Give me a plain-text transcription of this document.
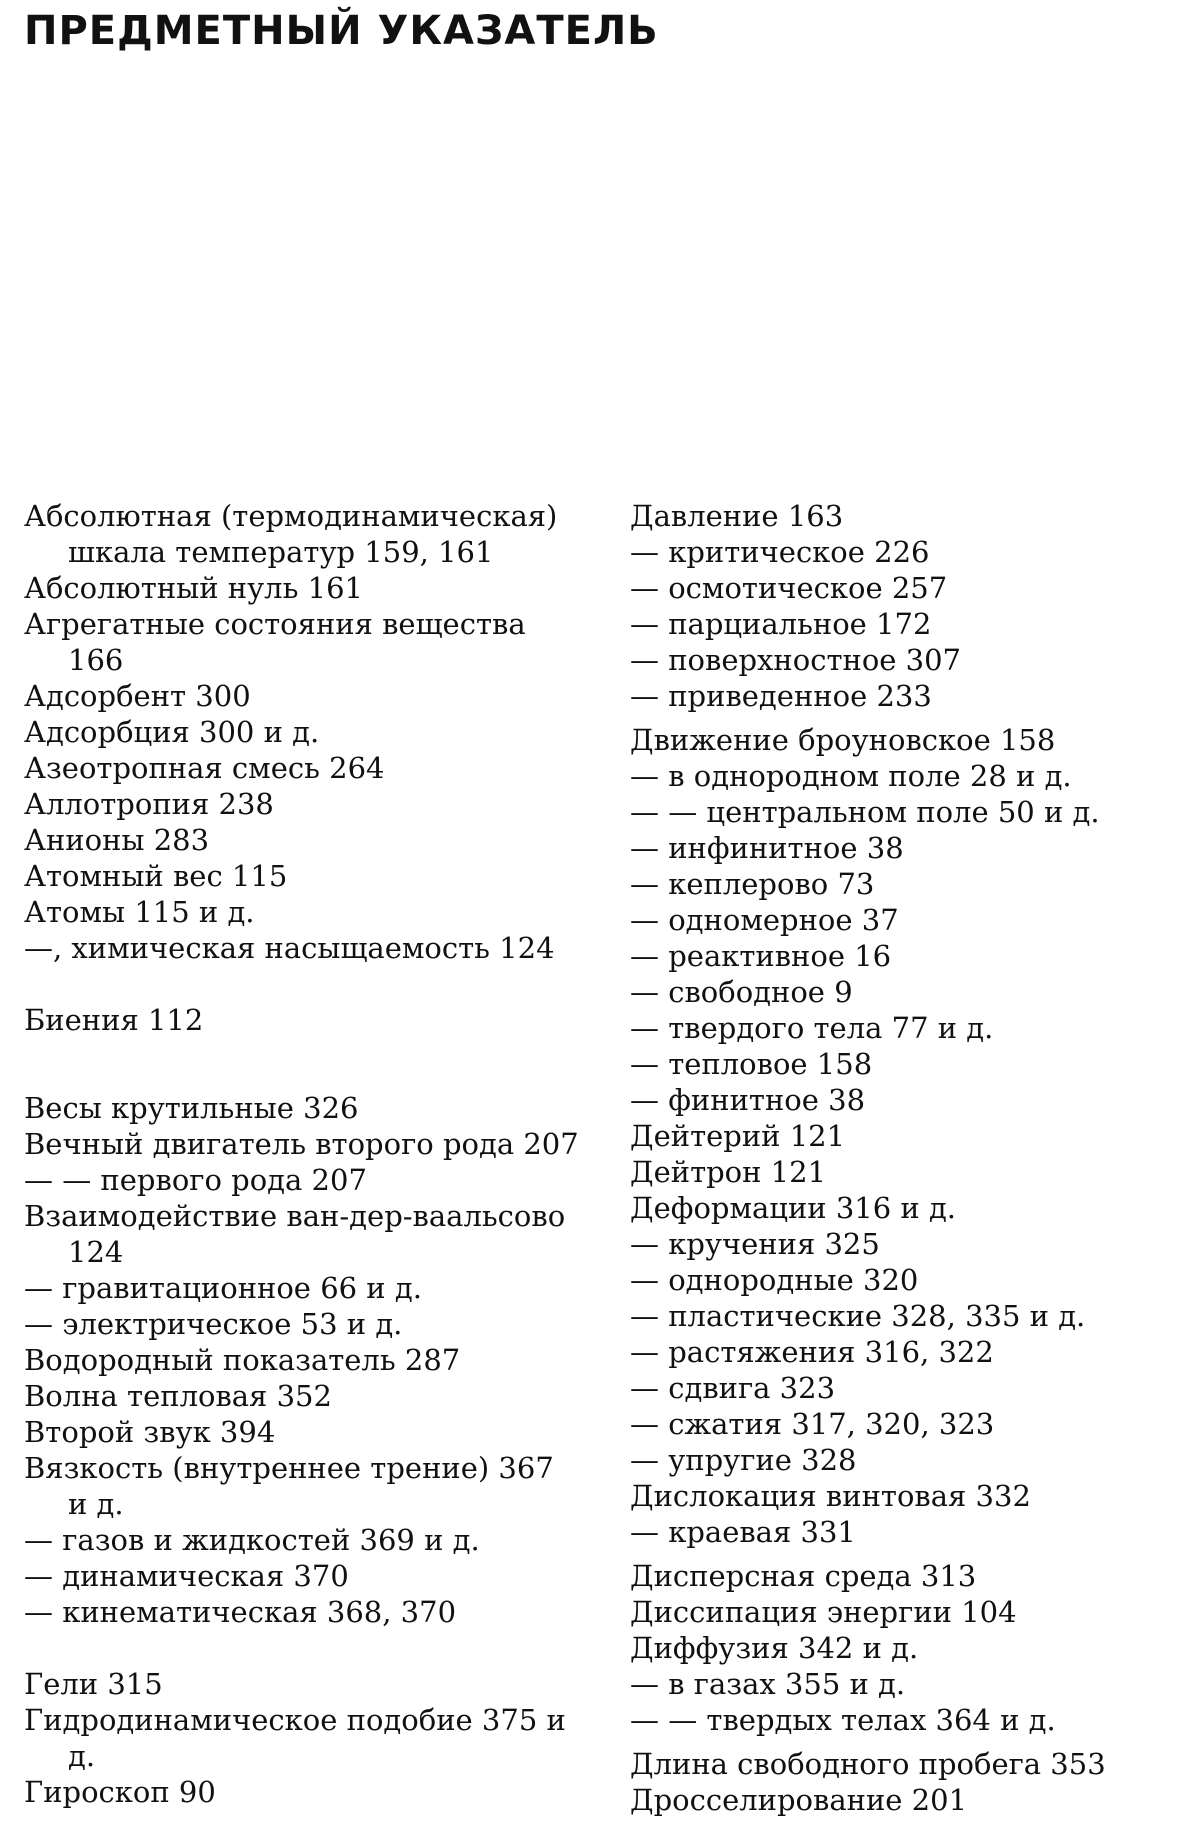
ПРЕДМЕТНЫЙ УКАЗАТЕЛЬ

Абсолютная (термодинамическая) шкала температур 159, 161

Абсолютный нуль 161

Агрегатные состояния вещества 166

Адсорбент 300

Адсорбция 300 и д.

Азеотропная смесь 264

Аллотропия 238

Анионы 283

Атомный вес 115

Атомы 115 и д.

—, химическая насыщаемость 124

Биения 112

Весы крутильные 326

Вечный двигатель второго рода 207

— — первого рода 207

Взаимодействие ван-дер-ваальсово 124

— гравитационное 66 и д.

— электрическое 53 и д.

Водородный показатель 287

Волна тепловая 352

Второй звук 394

Вязкость (внутреннее трение) 367 и д.

— газов и жидкостей 369 и д.

— динамическая 370

— кинематическая 368, 370

Гели 315

Гидродинамическое подобие 375 и д.

Гироскоп 90

Давление 163

— критическое 226

— осмотическое 257

— парциальное 172

— поверхностное 307

— приведенное 233

Движение броуновское 158

— в однородном поле 28 и д.

— — центральном поле 50 и д.

— инфинитное 38

— кеплерово 73

— одномерное 37

— реактивное 16

— свободное 9

— твердого тела 77 и д.

— тепловое 158

— финитное 38

Дейтерий 121

Дейтрон 121

Деформации 316 и д.

— кручения 325

— однородные 320

— пластические 328, 335 и д.

— растяжения 316, 322

— сдвига 323

— сжатия 317, 320, 323

— упругие 328

Дислокация винтовая 332

— краевая 331

Дисперсная среда 313

Диссипация энергии 104

Диффузия 342 и д.

— в газах 355 и д.

— — твердых телах 364 и д.

Длина свободного пробега 353

Дросселирование 201
